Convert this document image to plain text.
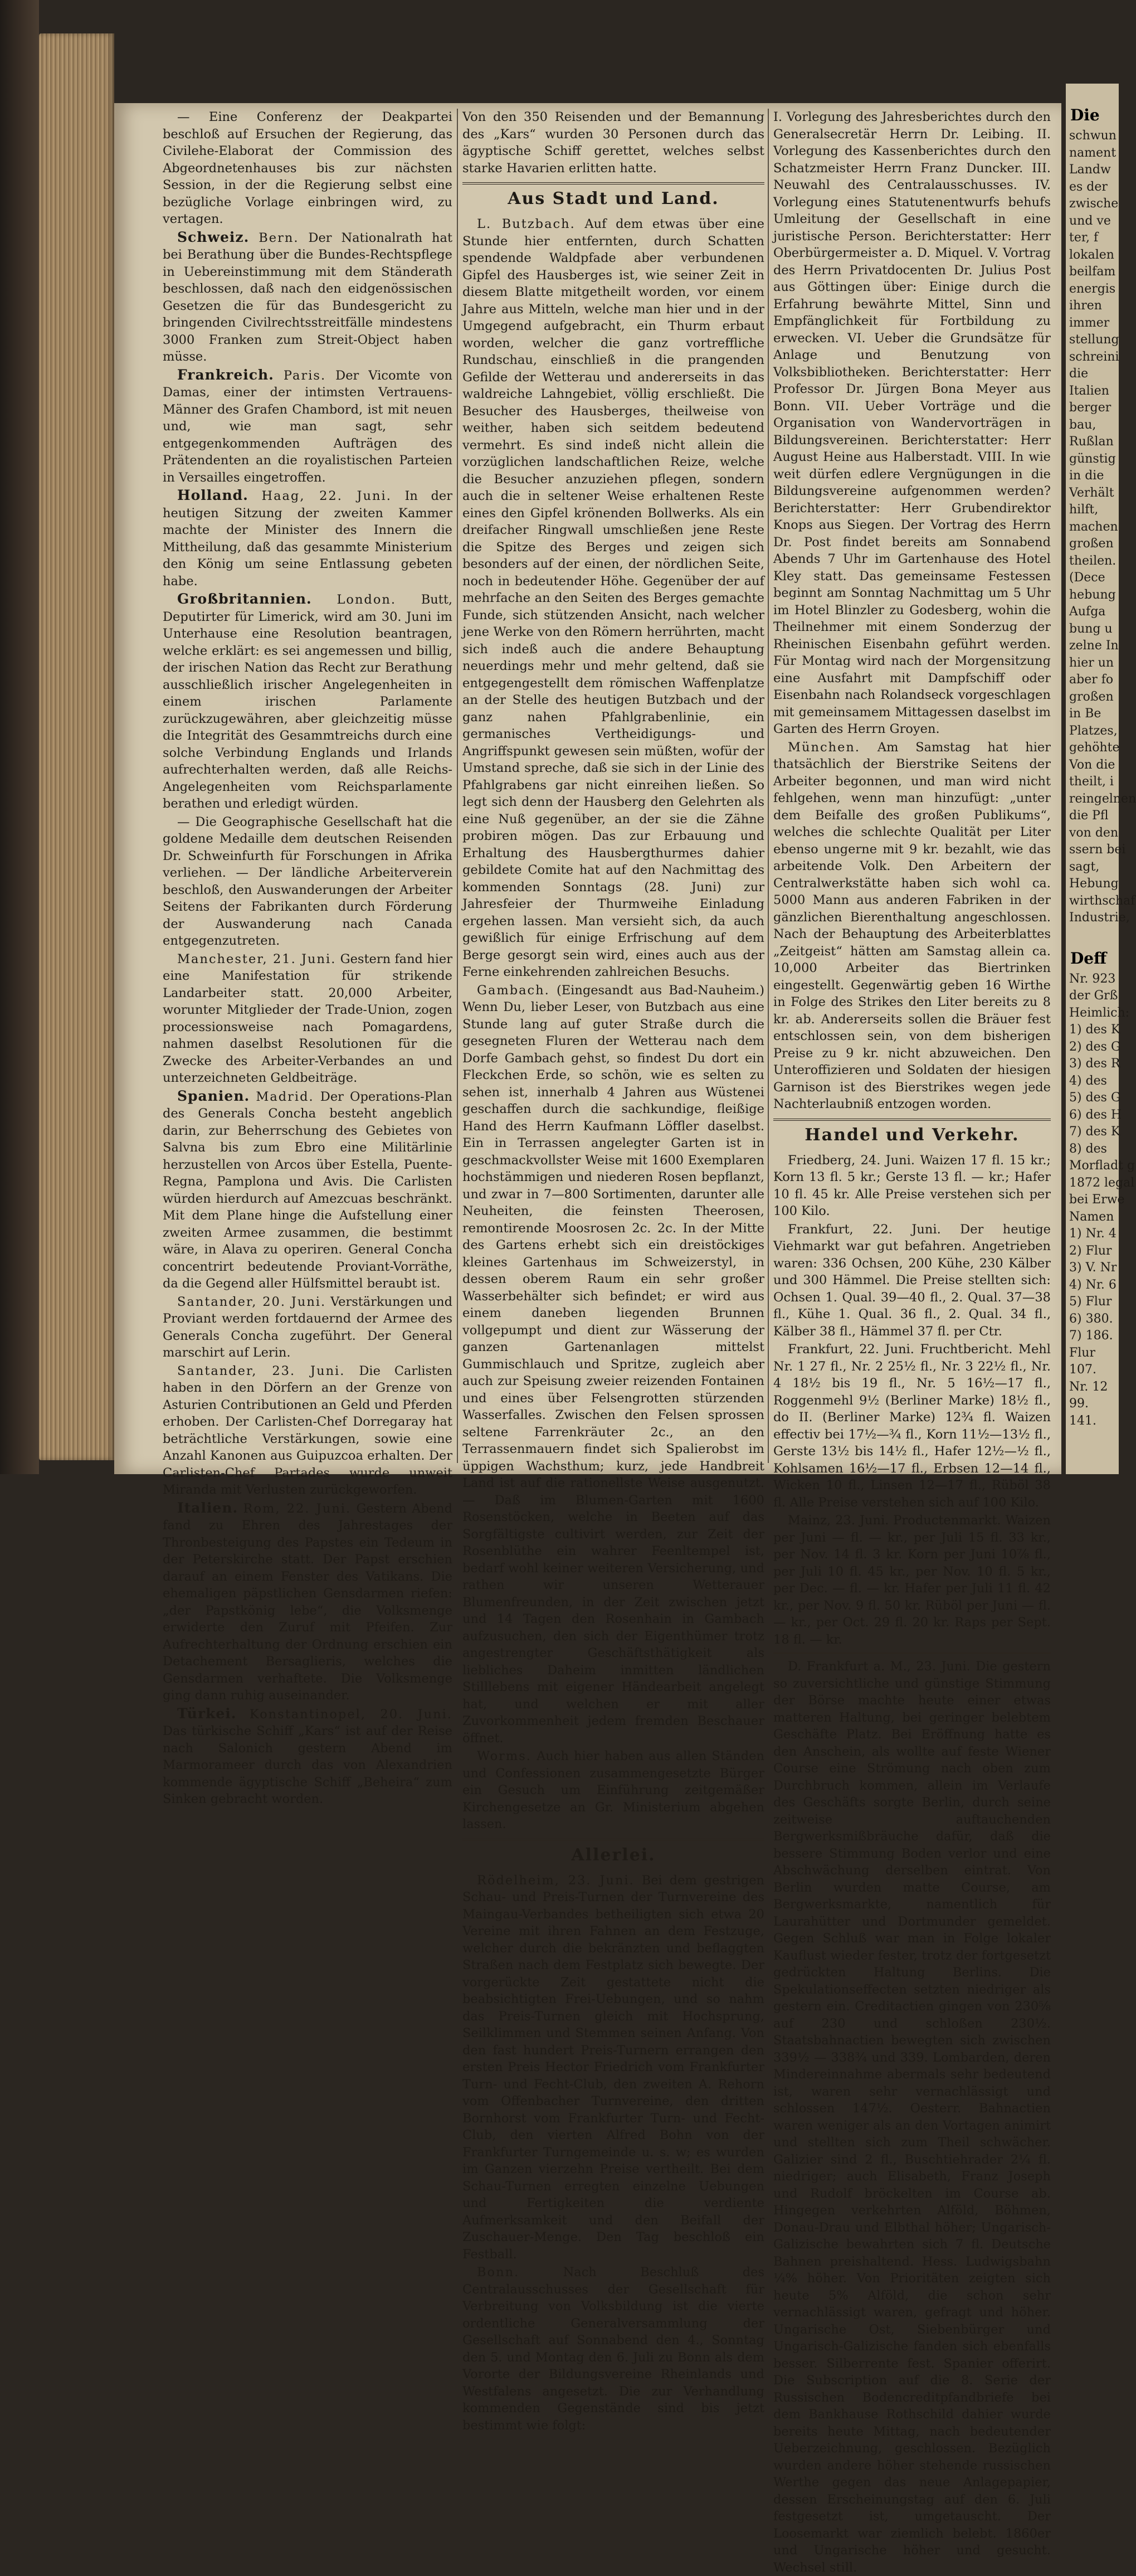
— Eine Conferenz der Deakpartei beschloß auf Ersuchen der Regierung, das Civilehe-Elaborat der Commission des Abgeordnetenhauses bis zur nächsten Session, in der die Regierung selbst eine bezügliche Vorlage einbringen wird, zu vertagen.

Schweiz. Bern. Der Nationalrath hat bei Berathung über die Bundes-Rechtspflege in Uebereinstimmung mit dem Ständerath beschlossen, daß nach den eidgenössischen Gesetzen die für das Bundesgericht zu bringenden Civilrechtsstreitfälle mindestens 3000 Franken zum Streit-Object haben müsse.

Frankreich. Paris. Der Vicomte von Damas, einer der intimsten Vertrauens-Männer des Grafen Chambord, ist mit neuen und, wie man sagt, sehr entgegenkommenden Aufträgen des Prätendenten an die royalistischen Parteien in Versailles eingetroffen.

Holland. Haag, 22. Juni. In der heutigen Sitzung der zweiten Kammer machte der Minister des Innern die Mittheilung, daß das gesammte Ministerium den König um seine Entlassung gebeten habe.

Großbritannien. London. Butt, Deputirter für Limerick, wird am 30. Juni im Unterhause eine Resolution beantragen, welche erklärt: es sei angemessen und billig, der irischen Nation das Recht zur Berathung ausschließlich irischer Angelegenheiten in einem irischen Parlamente zurückzugewähren, aber gleichzeitig müsse die Integrität des Gesammtreichs durch eine solche Verbindung Englands und Irlands aufrechterhalten werden, daß alle Reichs-Angelegenheiten vom Reichsparlamente berathen und erledigt würden.

— Die Geographische Gesellschaft hat die goldene Medaille dem deutschen Reisenden Dr. Schweinfurth für Forschungen in Afrika verliehen. — Der ländliche Arbeiterverein beschloß, den Auswanderungen der Arbeiter Seitens der Fabrikanten durch Förderung der Auswanderung nach Canada entgegenzutreten.

Manchester, 21. Juni. Gestern fand hier eine Manifestation für strikende Landarbeiter statt. 20,000 Arbeiter, worunter Mitglieder der Trade-Union, zogen processionsweise nach Pomagardens, nahmen daselbst Resolutionen für die Zwecke des Arbeiter-Verbandes an und unterzeichneten Geldbeiträge.

Spanien. Madrid. Der Operations-Plan des Generals Concha besteht angeblich darin, zur Beherrschung des Gebietes von Salvna bis zum Ebro eine Militärlinie herzustellen von Arcos über Estella, Puente-Regna, Pamplona und Avis. Die Carlisten würden hierdurch auf Amezcuas beschränkt. Mit dem Plane hinge die Aufstellung einer zweiten Armee zusammen, die bestimmt wäre, in Alava zu operiren. General Concha concentrirt bedeutende Proviant-Vorräthe, da die Gegend aller Hülfsmittel beraubt ist.

Santander, 20. Juni. Verstärkungen und Proviant werden fortdauernd der Armee des Generals Concha zugeführt. Der General marschirt auf Lerin.

Santander, 23. Juni. Die Carlisten haben in den Dörfern an der Grenze von Asturien Contributionen an Geld und Pferden erhoben. Der Carlisten-Chef Dorregaray hat beträchtliche Verstärkungen, sowie eine Anzahl Kanonen aus Guipuzcoa erhalten. Der Carlisten-Chef Partades wurde unweit Miranda mit Verlusten zurückgeworfen.

Italien. Rom, 22. Juni. Gestern Abend fand zu Ehren des Jahrestages der Thronbesteigung des Papstes ein Tedeum in der Peterskirche statt. Der Papst erschien darauf an einem Fenster des Vatikans. Die ehemaligen päpstlichen Gensdarmen riefen: „der Papstkönig lebe“, die Volksmenge erwiderte den Zuruf mit Pfeifen. Zur Aufrechterhaltung der Ordnung erschien ein Detachement Bersaglieris, welches die Gensdarmen verhaftete. Die Volksmenge ging dann ruhig auseinander.

Türkei. Konstantinopel, 20. Juni. Das türkische Schiff „Kars“ ist auf der Reise nach Salonich gestern Abend im Marmorameer durch das von Alexandrien kommende ägyptische Schiff „Beheira“ zum Sinken gebracht worden.

Von den 350 Reisenden und der Bemannung des „Kars“ wurden 30 Personen durch das ägyptische Schiff gerettet, welches selbst starke Havarien erlitten hatte.

Aus Stadt und Land.

L. Butzbach. Auf dem etwas über eine Stunde hier entfernten, durch Schatten spendende Waldpfade aber verbundenen Gipfel des Hausberges ist, wie seiner Zeit in diesem Blatte mitgetheilt worden, vor einem Jahre aus Mitteln, welche man hier und in der Umgegend aufgebracht, ein Thurm erbaut worden, welcher die ganz vortreffliche Rundschau, einschließ in die prangenden Gefilde der Wetterau und andererseits in das waldreiche Lahngebiet, völlig erschließt. Die Besucher des Hausberges, theilweise von weither, haben sich seitdem bedeutend vermehrt. Es sind indeß nicht allein die vorzüglichen landschaftlichen Reize, welche die Besucher anzuziehen pflegen, sondern auch die in seltener Weise erhaltenen Reste eines den Gipfel krönenden Bollwerks. Als ein dreifacher Ringwall umschließen jene Reste die Spitze des Berges und zeigen sich besonders auf der einen, der nördlichen Seite, noch in bedeutender Höhe. Gegenüber der auf mehrfache an den Seiten des Berges gemachte Funde, sich stützenden Ansicht, nach welcher jene Werke von den Römern herrührten, macht sich indeß auch die andere Behauptung neuerdings mehr und mehr geltend, daß sie entgegengestellt dem römischen Waffenplatze an der Stelle des heutigen Butzbach und der ganz nahen Pfahlgrabenlinie, ein germanisches Vertheidigungs- und Angriffspunkt gewesen sein müßten, wofür der Umstand spreche, daß sie sich in der Linie des Pfahlgrabens gar nicht einreihen ließen. So legt sich denn der Hausberg den Gelehrten als eine Nuß gegenüber, an der sie die Zähne probiren mögen. Das zur Erbauung und Erhaltung des Hausbergthurmes dahier gebildete Comite hat auf den Nachmittag des kommenden Sonntags (28. Juni) zur Jahresfeier der Thurmweihe Einladung ergehen lassen. Man versieht sich, da auch gewißlich für einige Erfrischung auf dem Berge gesorgt sein wird, eines auch aus der Ferne einkehrenden zahlreichen Besuchs.

Gambach. (Eingesandt aus Bad-Nauheim.) Wenn Du, lieber Leser, von Butzbach aus eine Stunde lang auf guter Straße durch die gesegneten Fluren der Wetterau nach dem Dorfe Gambach gehst, so findest Du dort ein Fleckchen Erde, so schön, wie es selten zu sehen ist, innerhalb 4 Jahren aus Wüstenei geschaffen durch die sachkundige, fleißige Hand des Herrn Kaufmann Löffler daselbst. Ein in Terrassen angelegter Garten ist in geschmackvollster Weise mit 1600 Exemplaren hochstämmigen und niederen Rosen bepflanzt, und zwar in 7—800 Sortimenten, darunter alle Neuheiten, die feinsten Theerosen, remontirende Moosrosen 2c. 2c. In der Mitte des Gartens erhebt sich ein dreistöckiges kleines Gartenhaus im Schweizerstyl, in dessen oberem Raum ein sehr großer Wasserbehälter sich befindet; er wird aus einem daneben liegenden Brunnen vollgepumpt und dient zur Wässerung der ganzen Gartenanlagen mittelst Gummischlauch und Spritze, zugleich aber auch zur Speisung zweier reizenden Fontainen und eines über Felsengrotten stürzenden Wasserfalles. Zwischen den Felsen sprossen seltene Farrenkräuter 2c., an den Terrassenmauern findet sich Spalierobst im üppigen Wachsthum; kurz, jede Handbreit Land ist auf die rationellste Weise ausgenutzt. — Daß im Blumen-Garten mit 1600 Rosenstöcken, welche in Beeten auf das Sorgfältigste cultivirt werden, zur Zeit der Rosenblüthe ein wahrer Feenltempel ist, bedarf wohl keiner weiteren Versicherung, und rathen wir unseren Wetterauer Blumenfreunden, in der Zeit zwischen jetzt und 14 Tagen den Rosenhain in Gambach aufzusuchen, den sich der Eigenthümer trotz angestrengter Geschäftsthätigkeit als liebliches Daheim inmitten ländlichen Stilllebens mit eigener Händearbeit angelegt hat, und welchen er mit aller Zuvorkommenheit jedem fremden Beschauer öffnet.

Worms. Auch hier haben aus allen Ständen und Confessionen zusammengesetzte Bürger ein Gesuch um Einführung zeitgemäßer Kirchengesetze an Gr. Ministerium abgehen lassen.

Allerlei.

Rödelheim, 23. Juni. Bei dem gestrigen Schau- und Preis-Turnen der Turnvereine des Maingau-Verbandes betheiligten sich etwa 20 Vereine mit ihren Fahnen an dem Festzuge, welcher durch die bekränzten und beflaggten Straßen nach dem Festplatz sich bewegte. Der vorgerückte Zeit gestattete nicht die beabsichtigten Frei-Uebungen, und so nahm das Preis-Turnen gleich mit Hochsprung, Seilklimmen und Stemmen seinen Anfang. Von den fast hundert Preis-Turnern errangen den ersten Preis Hector Friedrich vom Frankfurter Turn- und Fecht-Club, den zweiten A. Rehorn vom Offenbacher Turnvereine, den dritten Bornhorst vom Frankfurter Turn- und Fecht-Club, den vierten Alfred Bohn von der Frankfurter Turngemeinde u. s. w; es wurden im Ganzen vierzehn Preise vertheilt. Bei dem Schau-Turnen erregten einzelne Uebungen und Fertigkeiten die verdiente Aufmerksamkeit und den Beifall der Zuschauer-Menge. Den Tag beschloß ein Festball.

Bonn.	Nach Beschluß des Centralausschusses der Gesellschaft für Verbreitung von Volksbildung ist die vierte ordentliche Generalversammlung der Gesellschaft auf Sonnabend den 4., Sonntag den 5. und Montag den 6. Juli zu Bonn als dem Vororte der Bildungsvereine Rheinlands und Westfalens angesetzt. Die zur Verhandlung kommenden Gegenstände sind bis jetzt bestimmt wie folgt:

I. Vorlegung des Jahresberichtes durch den Generalsecretär Herrn Dr. Leibing. II. Vorlegung des Kassenberichtes durch den Schatzmeister Herrn Franz Duncker. III. Neuwahl des Centralausschusses. IV. Vorlegung eines Statutenentwurfs behufs Umleitung der Gesellschaft in eine juristische Person. Berichterstatter: Herr Oberbürgermeister a. D. Miquel. V. Vortrag des Herrn Privatdocenten Dr. Julius Post aus Göttingen über: Einige durch die Erfahrung bewährte Mittel, Sinn und Empfänglichkeit für Fortbildung zu erwecken. VI. Ueber die Grundsätze für Anlage und Benutzung von Volksbibliotheken. Berichterstatter: Herr Professor Dr. Jürgen Bona Meyer aus Bonn. VII. Ueber Vorträge und die Organisation von Wandervorträgen in Bildungsvereinen. Berichterstatter: Herr August Heine aus Halberstadt. VIII. In wie weit dürfen edlere Vergnügungen in die Bildungsvereine aufgenommen werden? Berichterstatter: Herr Grubendirektor Knops aus Siegen. Der Vortrag des Herrn Dr. Post findet bereits am Sonnabend Abends 7 Uhr im Gartenhause des Hotel Kley statt. Das gemeinsame Festessen beginnt am Sonntag Nachmittag um 5 Uhr im Hotel Blinzler zu Godesberg, wohin die Theilnehmer mit einem Sonderzug der Rheinischen Eisenbahn geführt werden. Für Montag wird nach der Morgensitzung eine Ausfahrt mit Dampfschiff oder Eisenbahn nach Rolandseck vorgeschlagen mit gemeinsamem Mittagessen daselbst im Garten des Herrn Groyen.

München. Am Samstag hat hier thatsächlich der Bierstrike Seitens der Arbeiter begonnen, und man wird nicht fehlgehen, wenn man hinzufügt: „unter dem Beifalle des großen Publikums“, welches die schlechte Qualität per Liter ebenso ungerne mit 9 kr. bezahlt, wie das arbeitende Volk. Den Arbeitern der Centralwerkstätte haben sich wohl ca. 5000 Mann aus anderen Fabriken in der gänzlichen Bierenthaltung angeschlossen. Nach der Behauptung des Arbeiterblattes „Zeitgeist“ hätten am Samstag allein ca. 10,000 Arbeiter das Biertrinken eingestellt. Gegenwärtig geben 16 Wirthe in Folge des Strikes den Liter bereits zu 8 kr. ab. Andererseits sollen die Bräuer fest entschlossen sein, von dem bisherigen Preise zu 9 kr. nicht abzuweichen. Den Unteroffizieren und Soldaten der hiesigen Garnison ist des Bierstrikes wegen jede Nachterlaubniß entzogen worden.

Handel und Verkehr.

Friedberg, 24. Juni. Waizen 17 fl. 15 kr.; Korn 13 fl. 5 kr.; Gerste 13 fl. — kr.; Hafer 10 fl. 45 kr. Alle Preise verstehen sich per 100 Kilo.

Frankfurt, 22. Juni. Der heutige Viehmarkt war gut befahren. Angetrieben waren: 336 Ochsen, 200 Kühe, 230 Kälber und 300 Hämmel. Die Preise stellten sich: Ochsen 1. Qual. 39—40 fl., 2. Qual. 37—38 fl., Kühe 1. Qual. 36 fl., 2. Qual. 34 fl., Kälber 38 fl., Hämmel 37 fl. per Ctr.

Frankfurt, 22. Juni. Fruchtbericht. Mehl Nr. 1 27 fl., Nr. 2 25½ fl., Nr. 3 22½ fl., Nr. 4 18½ bis 19 fl., Nr. 5 16½—17 fl., Roggenmehl 9½ (Berliner Marke) 18½ fl., do II. (Berliner Marke) 12¾ fl. Waizen effectiv bei 17½—¾ fl., Korn 11½—13½ fl., Gerste 13½ bis 14½ fl., Hafer 12½—½ fl., Kohlsamen 16½—17 fl., Erbsen 12—14 fl., Wicken 10 fl., Linsen 12—17 fl., Rüböl 38 fl. Alle Preise verstehen sich auf 100 Kilo.

Mainz, 23. Juni. Productenmarkt. Waizen per Juni — fl. — kr., per Juli 15 fl. 33 kr., per Nov. 14 fl. 3 kr. Korn per Juni 10⅞ fl., per Juli 10 fl. 45 kr., per Nov. 10 fl. 5 kr., per Dec. — fl. — kr. Hafer per Juli 11 fl. 42 kr., per Nov. 9 fl. 50 kr. Rüböl per Juni — fl. — kr., per Oct. 29 fl. 20 kr. Raps per Sept. 18 fl. — kr.

D. Frankfurt a. M., 23. Juni. Die gestern so zuversichtliche und günstige Stimmung der Börse machte heute einer etwas matteren Haltung, bei geringer belebtem Geschäfte Platz. Bei Eröffnung hatte es den Anschein, als wollte auf feste Wiener Course eine Strömung nach oben zum Durchbruch kommen, allein im Verlaufe des Geschäfts sorgte Berlin, durch seine zeitweise auftauchenden Bergwerksmißbräuche dafür, daß die bessere Stimmung Boden verlor und eine Abschwächung derselben eintrat. Von Berlin wurden matte Course, am Bergwerksmarkte, namentlich für Laurahütter und Dortmunder gemeldet. Gegen Schluß war man in Folge lokaler Kauflust wieder fester, trotz der fortgesetzt gedrückten Haltung Berlins. Die Spekulationseffecten setzten niedriger als gestern ein. Creditactien gingen von 230⅝ auf 230 und schloßen 230½. Staatsbahnactien bewegten sich zwischen 339½ — 338¾ und 339. Lombarden, deren Mindereinnahme abermals sehr bedeutend ist, waren sehr vernachlässigt und schlossen 147½. Oesterr. Bahnactien waren weniger als an den Vortagen animirt und stellten sich zum Theil schwächer. Galizier sind 2 fl., Buschtiehrader 2¼ fl. niedriger; auch Elisabeth, Franz Joseph und Rudolf bröckelten im Course ab. Hingegen verkehrten Alföld, Böhmen, Donau-Drau und Elbthal höher; Ungarisch-Galizische bewahrten sich 7 fl. Deutsche Bahnen preishaltend. Hess. Ludwigsbahn ¼% höher. Von Prioritäten zeigten sich heute 5% Alföld, die schon sehr vernachlässigt waren, gefragt und höher. Ungarische Ost, Siebenbürger und Ungarisch-Galizische fanden sich ebenfalls besser. Silberrente fest. Spanier offerirt. Die Subscription auf die 8. Serie der Russischen Bodencreditpfandbriefe bei dem Bankhause Rothschild dahier wurde bereits heute Mittag, nach bedeutender Ueberzeichnung, geschlossen. Bezüglich wurden andere höher stehende russischen Werthe gegen das neue Anlagepapier, dessen Erscheinungstag auf den 6. Juli festgesetzt ist, umgetauscht. Der Loosemarkt war ziemlich belebt. 1860er und Ungarische höher und gesucht. Wechsel still.

Die
schwun
nament
Landw
es der
zwische
und ve
ter, f
lokalen
beilfam
energis
ihren
immer
stellung
schreini
die
Italien
berger
bau,
Rußlan
günstig
in die
Verhält
hilft,
machen
großen
theilen.
(Dece
hebung
Aufga
bung u
zelne In
hier un
aber fo
großen
in Be
Platzes,
gehöhte
Von die
theilt, i
reingelnen
die Pfl
von den
ssern bei
sagt,
Hebung
wirthschaf
Industrie,
Deff
Nr. 923
der Grß
Heimlich:
1) des K
2) des G
3) des R
4) des
5) des G
6) des H
7) des K
8) des
Morfladt g
1872 legal
bei Erwe
Namen
1) Nr. 4
2) Flur
3) V. Nr
4) Nr. 6
5) Flur
6) 380.
7) 186.
Flur
107.
Nr. 12
99.
141.
